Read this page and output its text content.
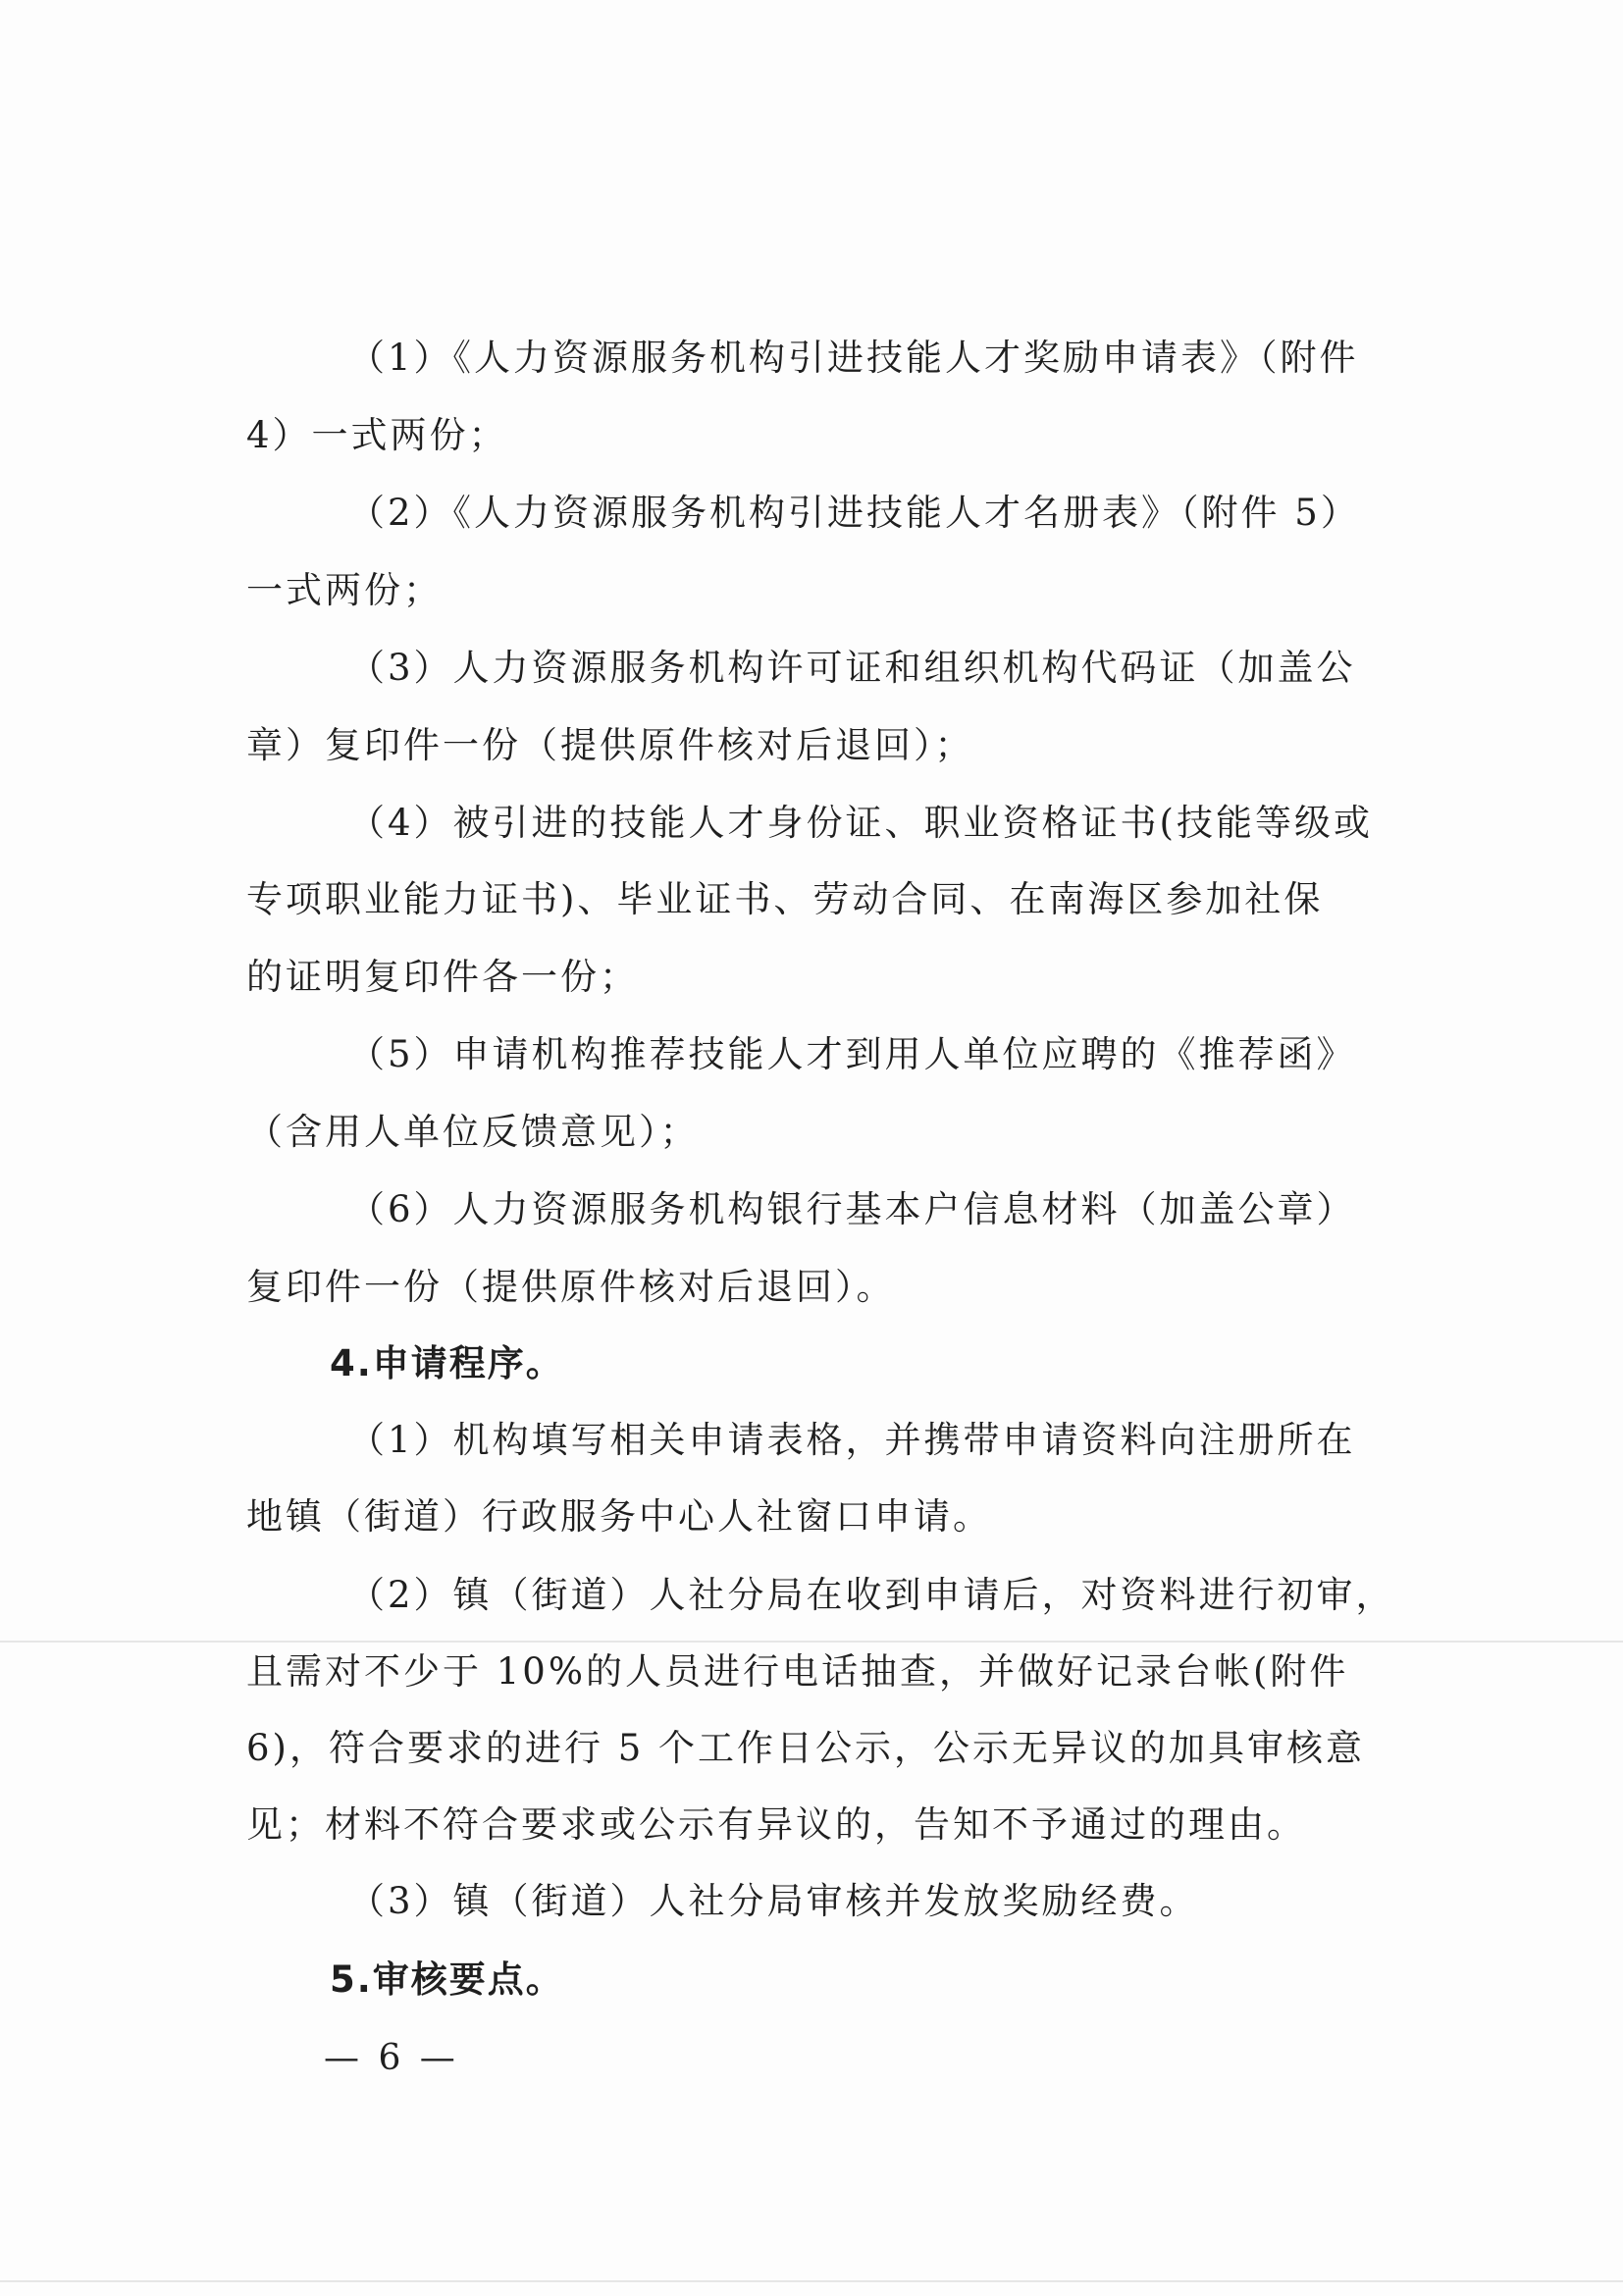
（1）《人力资源服务机构引进技能人才奖励申请表》（附件
4）一式两份；
（2）《人力资源服务机构引进技能人才名册表》（附件 5）
一式两份；
（3）人力资源服务机构许可证和组织机构代码证（加盖公
章）复印件一份（提供原件核对后退回）；
（4）被引进的技能人才身份证、职业资格证书(技能等级或
专项职业能力证书)、毕业证书、劳动合同、在南海区参加社保
的证明复印件各一份；
（5）申请机构推荐技能人才到用人单位应聘的《推荐函》
（含用人单位反馈意见）；
（6）人力资源服务机构银行基本户信息材料（加盖公章）
复印件一份（提供原件核对后退回）。
4.申请程序。
（1）机构填写相关申请表格，并携带申请资料向注册所在
地镇（街道）行政服务中心人社窗口申请。
（2）镇（街道）人社分局在收到申请后，对资料进行初审，
且需对不少于 10%的人员进行电话抽查，并做好记录台帐(附件
6)，符合要求的进行 5 个工作日公示，公示无异议的加具审核意
见；材料不符合要求或公示有异议的，告知不予通过的理由。
（3）镇（街道）人社分局审核并发放奖励经费。
5.审核要点。
— 6 —
